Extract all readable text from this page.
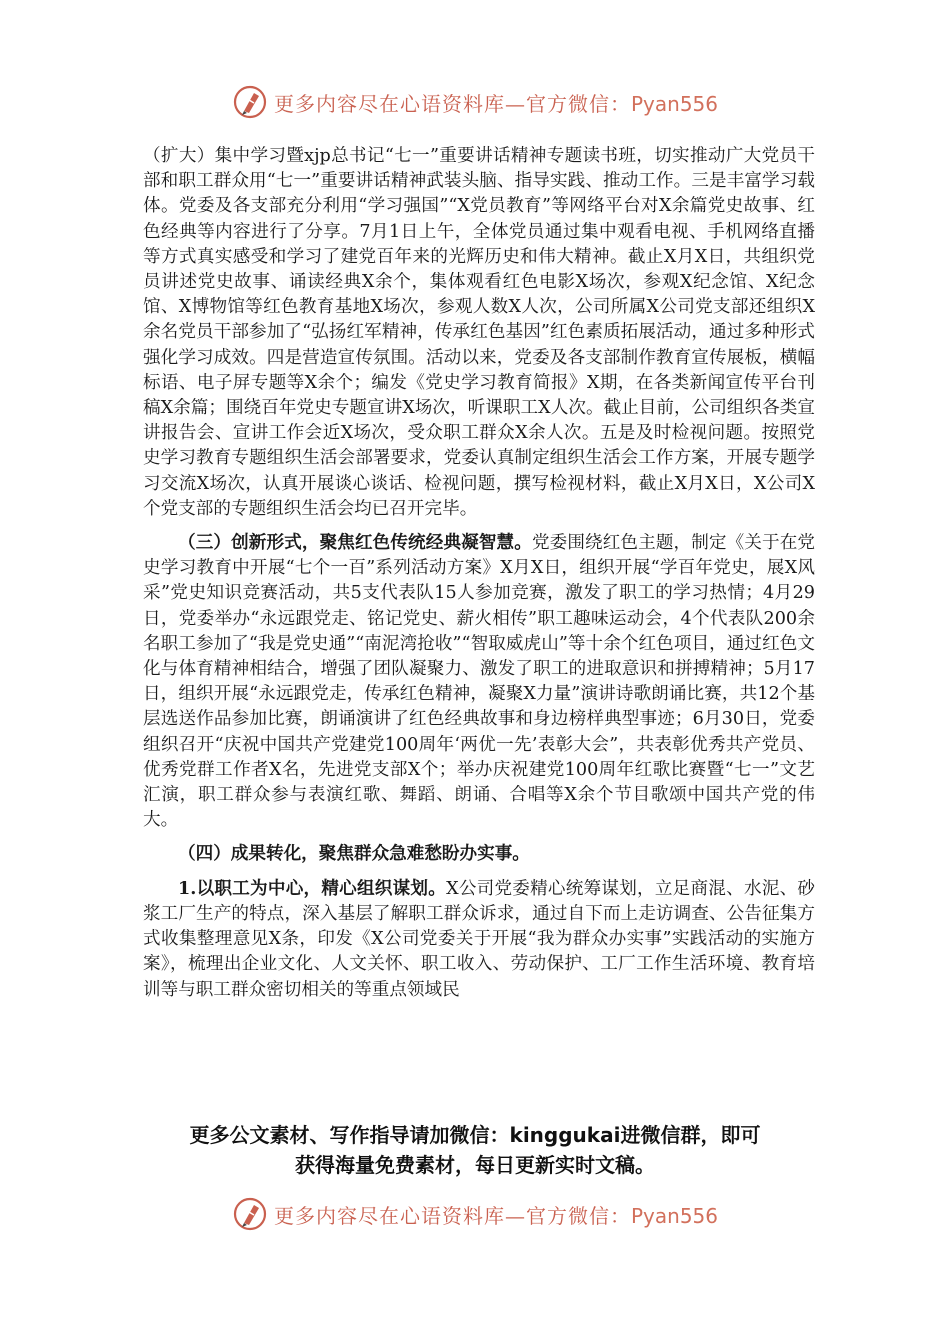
更多内容尽在心语资料库—官方微信：Pyan556

（扩大）集中学习暨xjp总书记“七一”重要讲话精神专题读书班，切实推动广大党员干部和职工群众用“七一”重要讲话精神武装头脑、指导实践、推动工作。三是丰富学习载体。党委及各支部充分利用“学习强国”“X党员教育”等网络平台对X余篇党史故事、红色经典等内容进行了分享。7月1日上午，全体党员通过集中观看电视、手机网络直播等方式真实感受和学习了建党百年来的光辉历史和伟大精神。截止X月X日，共组织党员讲述党史故事、诵读经典X余个，集体观看红色电影X场次，参观X纪念馆、X纪念馆、X博物馆等红色教育基地X场次，参观人数X人次，公司所属X公司党支部还组织X余名党员干部参加了“弘扬红军精神，传承红色基因”红色素质拓展活动，通过多种形式强化学习成效。四是营造宣传氛围。活动以来，党委及各支部制作教育宣传展板，横幅标语、电子屏专题等X余个；编发《党史学习教育简报》X期，在各类新闻宣传平台刊稿X余篇；围绕百年党史专题宣讲X场次，听课职工X人次。截止目前，公司组织各类宣讲报告会、宣讲工作会近X场次，受众职工群众X余人次。五是及时检视问题。按照党史学习教育专题组织生活会部署要求，党委认真制定组织生活会工作方案，开展专题学习交流X场次，认真开展谈心谈话、检视问题，撰写检视材料，截止X月X日，X公司X个党支部的专题组织生活会均已召开完毕。

（三）创新形式，聚焦红色传统经典凝智慧。党委围绕红色主题，制定《关于在党史学习教育中开展“七个一百”系列活动方案》X月X日，组织开展“学百年党史，展X风采”党史知识竞赛活动，共5支代表队15人参加竞赛，激发了职工的学习热情；4月29日，党委举办“永远跟党走、铭记党史、薪火相传”职工趣味运动会，4个代表队200余名职工参加了“我是党史通”“南泥湾抢收”“智取威虎山”等十余个红色项目，通过红色文化与体育精神相结合，增强了团队凝聚力、激发了职工的进取意识和拼搏精神；5月17日，组织开展“永远跟党走，传承红色精神，凝聚X力量”演讲诗歌朗诵比赛，共12个基层选送作品参加比赛，朗诵演讲了红色经典故事和身边榜样典型事迹；6月30日，党委组织召开“庆祝中国共产党建党100周年‘两优一先’表彰大会”，共表彰优秀共产党员、优秀党群工作者X名，先进党支部X个；举办庆祝建党100周年红歌比赛暨“七一”文艺汇演，职工群众参与表演红歌、舞蹈、朗诵、合唱等X余个节目歌颂中国共产党的伟大。

（四）成果转化，聚焦群众急难愁盼办实事。

1.以职工为中心，精心组织谋划。X公司党委精心统筹谋划，立足商混、水泥、砂浆工厂生产的特点，深入基层了解职工群众诉求，通过自下而上走访调查、公告征集方式收集整理意见X条，印发《X公司党委关于开展“我为群众办实事”实践活动的实施方案》，梳理出企业文化、人文关怀、职工收入、劳动保护、工厂工作生活环境、教育培训等与职工群众密切相关的等重点领域民

更多公文素材、写作指导请加微信：kinggukai进微信群，即可
获得海量免费素材，每日更新实时文稿。
更多内容尽在心语资料库—官方微信：Pyan556
